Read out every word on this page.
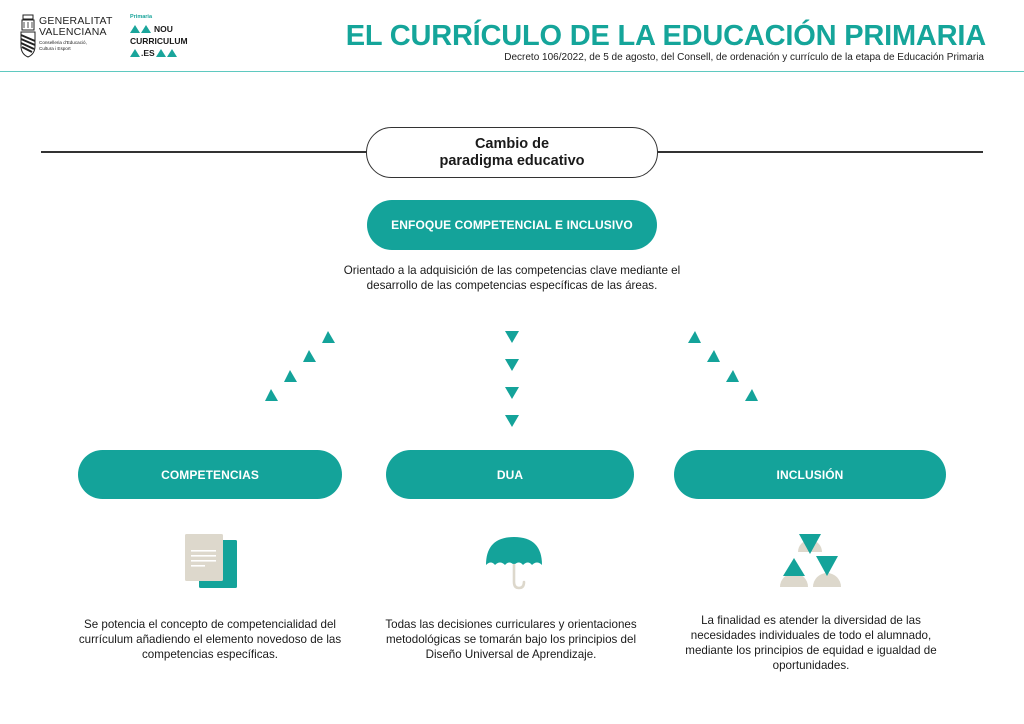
GENERALITAT
VALENCIANA
Conselleria d'Educació,
Cultura i Esport
Primaria
NOU
CURRICULUM
.ES
EL CURRÍCULO DE LA EDUCACIÓN PRIMARIA
Decreto 106/2022, de 5 de agosto, del Consell, de ordenación y currículo de la etapa de Educación Primaria
Cambio de
paradigma educativo
ENFOQUE COMPETENCIAL E INCLUSIVO
Orientado a la adquisición de las competencias clave mediante el desarrollo de las competencias específicas de las áreas.
COMPETENCIAS	DUA	INCLUSIÓN
Se potencia el concepto de competencialidad del currículum añadiendo el elemento novedoso de las competencias específicas.
Todas las decisiones curriculares y orientaciones metodológicas se tomarán bajo los principios del Diseño Universal de Aprendizaje.
La finalidad es atender la diversidad de las necesidades individuales de todo el alumnado, mediante los principios de equidad e igualdad de oportunidades.
